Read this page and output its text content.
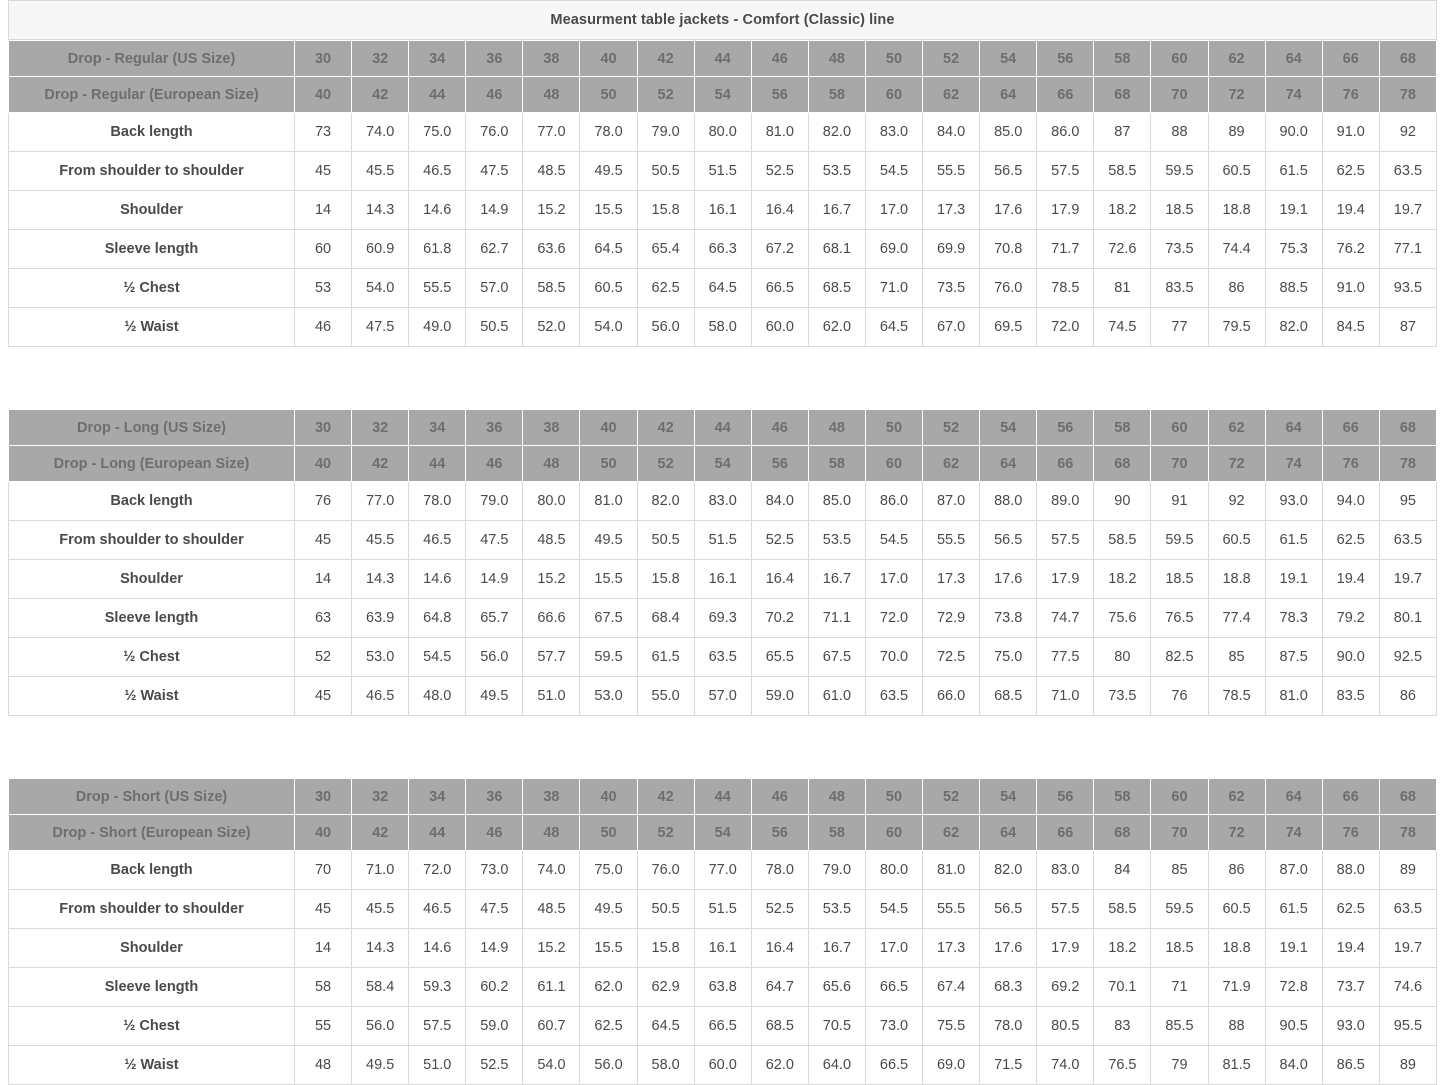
Measurment table jackets - Comfort (Classic) line
Drop - Regular (US Size)	30	32	34	36	38	40	42	44	46	48	50	52	54	56	58	60	62	64	66	68
Drop - Regular (European Size)	40	42	44	46	48	50	52	54	56	58	60	62	64	66	68	70	72	74	76	78
Back length	73	74.0	75.0	76.0	77.0	78.0	79.0	80.0	81.0	82.0	83.0	84.0	85.0	86.0	87	88	89	90.0	91.0	92
From shoulder to shoulder	45	45.5	46.5	47.5	48.5	49.5	50.5	51.5	52.5	53.5	54.5	55.5	56.5	57.5	58.5	59.5	60.5	61.5	62.5	63.5
Shoulder	14	14.3	14.6	14.9	15.2	15.5	15.8	16.1	16.4	16.7	17.0	17.3	17.6	17.9	18.2	18.5	18.8	19.1	19.4	19.7
Sleeve length	60	60.9	61.8	62.7	63.6	64.5	65.4	66.3	67.2	68.1	69.0	69.9	70.8	71.7	72.6	73.5	74.4	75.3	76.2	77.1
½ Chest	53	54.0	55.5	57.0	58.5	60.5	62.5	64.5	66.5	68.5	71.0	73.5	76.0	78.5	81	83.5	86	88.5	91.0	93.5
½ Waist	46	47.5	49.0	50.5	52.0	54.0	56.0	58.0	60.0	62.0	64.5	67.0	69.5	72.0	74.5	77	79.5	82.0	84.5	87
Drop - Long (US Size)	30	32	34	36	38	40	42	44	46	48	50	52	54	56	58	60	62	64	66	68
Drop - Long (European Size)	40	42	44	46	48	50	52	54	56	58	60	62	64	66	68	70	72	74	76	78
Back length	76	77.0	78.0	79.0	80.0	81.0	82.0	83.0	84.0	85.0	86.0	87.0	88.0	89.0	90	91	92	93.0	94.0	95
From shoulder to shoulder	45	45.5	46.5	47.5	48.5	49.5	50.5	51.5	52.5	53.5	54.5	55.5	56.5	57.5	58.5	59.5	60.5	61.5	62.5	63.5
Shoulder	14	14.3	14.6	14.9	15.2	15.5	15.8	16.1	16.4	16.7	17.0	17.3	17.6	17.9	18.2	18.5	18.8	19.1	19.4	19.7
Sleeve length	63	63.9	64.8	65.7	66.6	67.5	68.4	69.3	70.2	71.1	72.0	72.9	73.8	74.7	75.6	76.5	77.4	78.3	79.2	80.1
½ Chest	52	53.0	54.5	56.0	57.7	59.5	61.5	63.5	65.5	67.5	70.0	72.5	75.0	77.5	80	82.5	85	87.5	90.0	92.5
½ Waist	45	46.5	48.0	49.5	51.0	53.0	55.0	57.0	59.0	61.0	63.5	66.0	68.5	71.0	73.5	76	78.5	81.0	83.5	86
Drop - Short (US Size)	30	32	34	36	38	40	42	44	46	48	50	52	54	56	58	60	62	64	66	68
Drop - Short (European Size)	40	42	44	46	48	50	52	54	56	58	60	62	64	66	68	70	72	74	76	78
Back length	70	71.0	72.0	73.0	74.0	75.0	76.0	77.0	78.0	79.0	80.0	81.0	82.0	83.0	84	85	86	87.0	88.0	89
From shoulder to shoulder	45	45.5	46.5	47.5	48.5	49.5	50.5	51.5	52.5	53.5	54.5	55.5	56.5	57.5	58.5	59.5	60.5	61.5	62.5	63.5
Shoulder	14	14.3	14.6	14.9	15.2	15.5	15.8	16.1	16.4	16.7	17.0	17.3	17.6	17.9	18.2	18.5	18.8	19.1	19.4	19.7
Sleeve length	58	58.4	59.3	60.2	61.1	62.0	62.9	63.8	64.7	65.6	66.5	67.4	68.3	69.2	70.1	71	71.9	72.8	73.7	74.6
½ Chest	55	56.0	57.5	59.0	60.7	62.5	64.5	66.5	68.5	70.5	73.0	75.5	78.0	80.5	83	85.5	88	90.5	93.0	95.5
½ Waist	48	49.5	51.0	52.5	54.0	56.0	58.0	60.0	62.0	64.0	66.5	69.0	71.5	74.0	76.5	79	81.5	84.0	86.5	89
